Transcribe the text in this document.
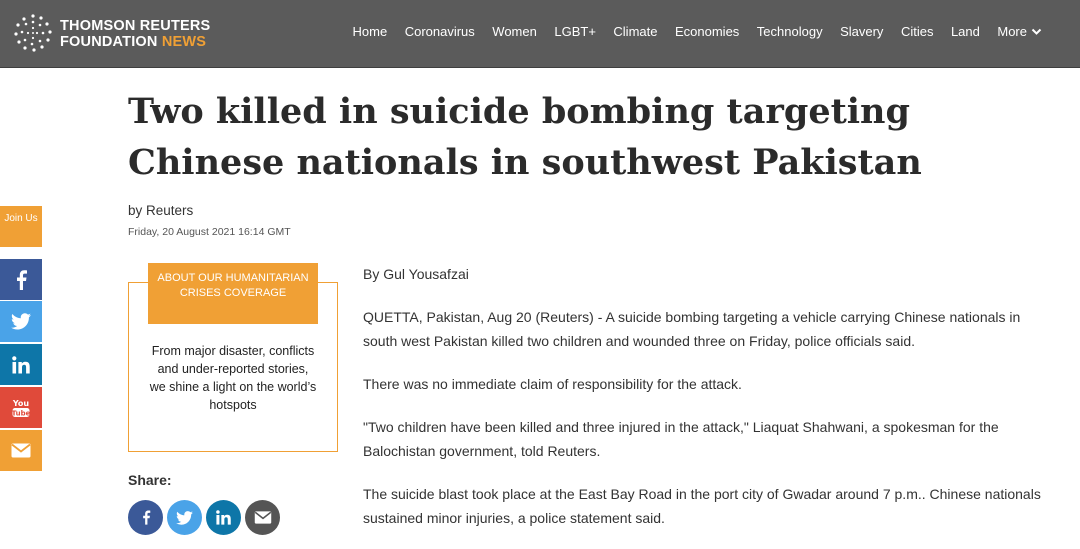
THOMSON REUTERS
FOUNDATION NEWS
Home Coronavirus Women LGBT+ Climate Economies Technology Slavery Cities Land More
Two killed in suicide bombing targeting Chinese nationals in southwest Pakistan
by Reuters
Friday, 20 August 2021 16:14 GMT
Join Us
You
Tube
ABOUT OUR HUMANITARIAN CRISES COVERAGE
From major disaster, conflicts and under-reported stories, we shine a light on the world’s hotspots
Share:

By Gul Yousafzai

QUETTA, Pakistan, Aug 20 (Reuters) - A suicide bombing targeting a vehicle carrying Chinese nationals in south west Pakistan killed two children and wounded three on Friday, police officials said.

There was no immediate claim of responsibility for the attack.

"Two children have been killed and three injured in the attack," Liaquat Shahwani, a spokesman for the Balochistan government, told Reuters.

The suicide blast took place at the East Bay Road in the port city of Gwadar around 7 p.m.. Chinese nationals sustained minor injuries, a police statement said.
